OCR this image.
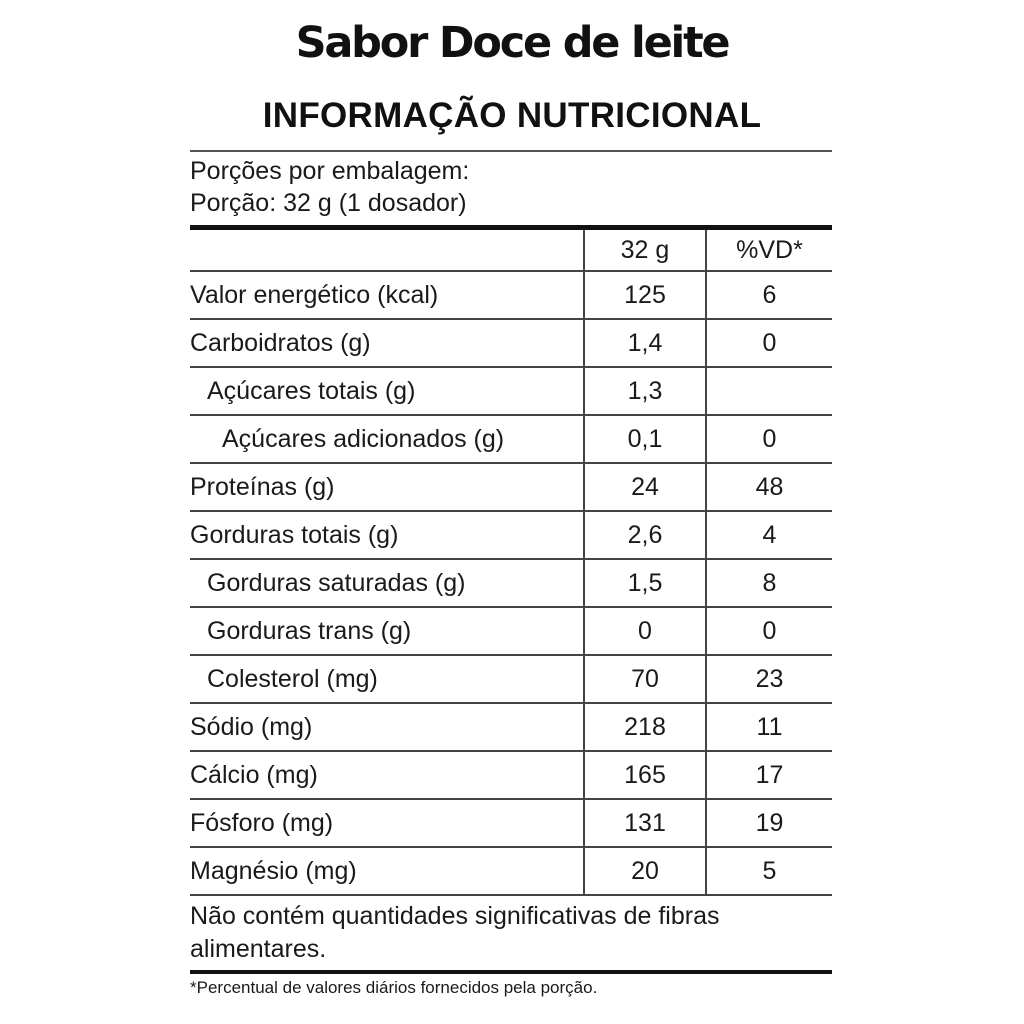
Sabor Doce de leite
INFORMAÇÃO NUTRICIONAL
Porções por embalagem:
Porção: 32 g (1 dosador)
	32 g	%VD*
Valor energético (kcal)	125	6
Carboidratos (g)	1,4	0
Açúcares totais (g)	1,3	
Açúcares adicionados (g)	0,1	0
Proteínas (g)	24	48
Gorduras totais (g)	2,6	4
Gorduras saturadas (g)	1,5	8
Gorduras trans (g)	0	0
Colesterol (mg)	70	23
Sódio (mg)	218	11
Cálcio (mg)	165	17
Fósforo (mg)	131	19
Magnésio (mg)	20	5
Não contém quantidades significativas de fibras
alimentares.
*Percentual de valores diários fornecidos pela porção.
